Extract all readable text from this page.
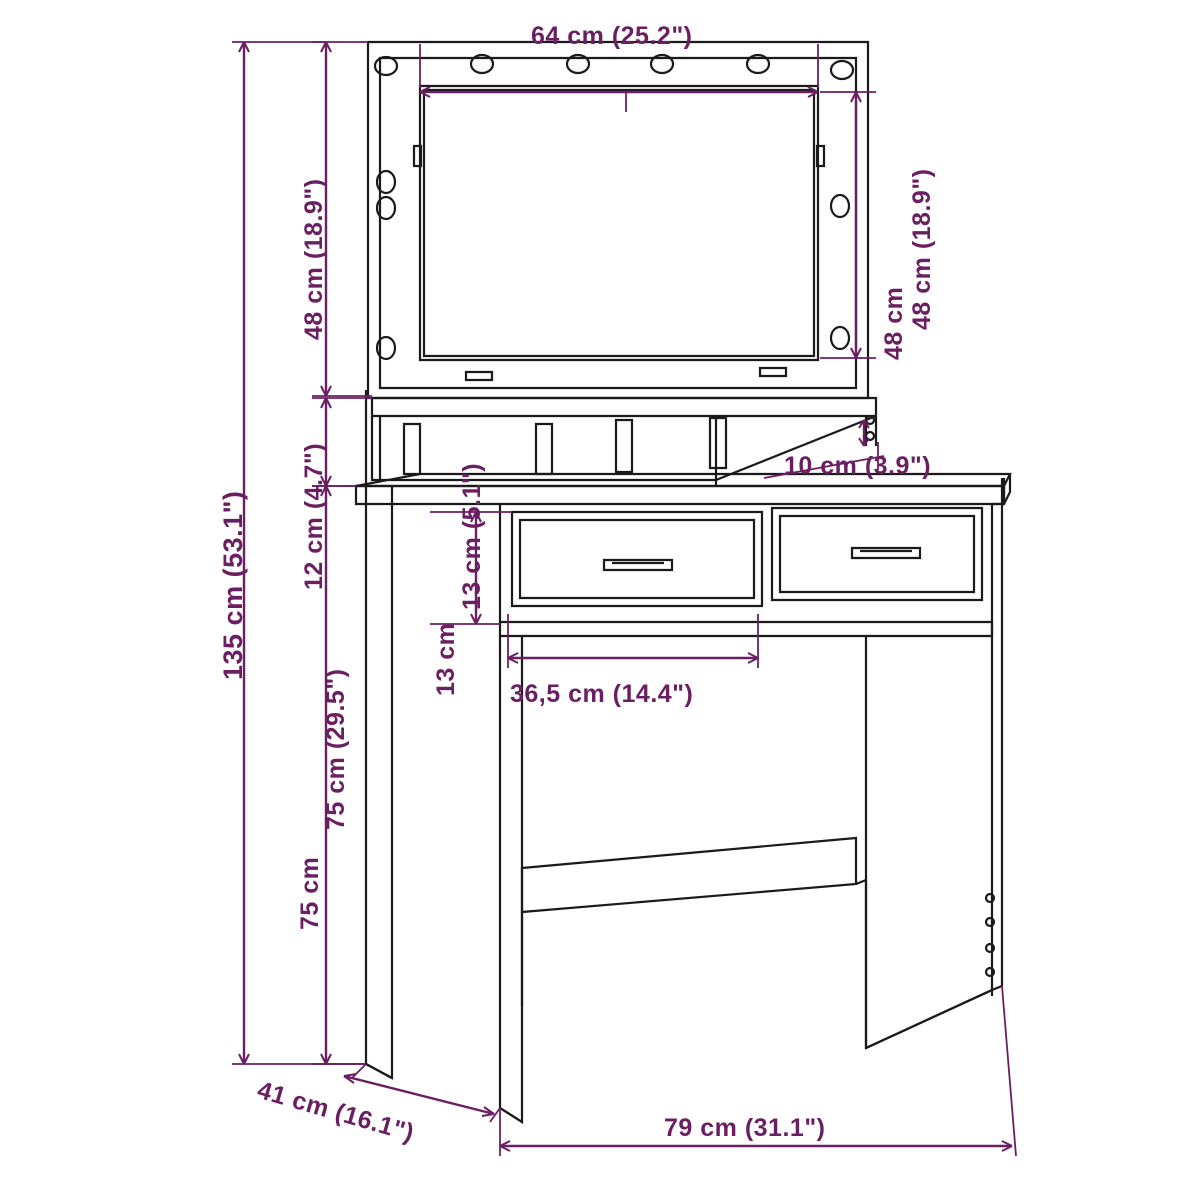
64 cm (25.2")
48 cm (18.9")	48 cm (18.9")
48 cm
12 cm (4.7")
135 cm (53.1")
10 cm (3.9")
13 cm (5.1")
13 cm 36,5 cm (14.4")
75 cm (29.5")
75 cm
41 cm (16.1")	79 cm (31.1")
